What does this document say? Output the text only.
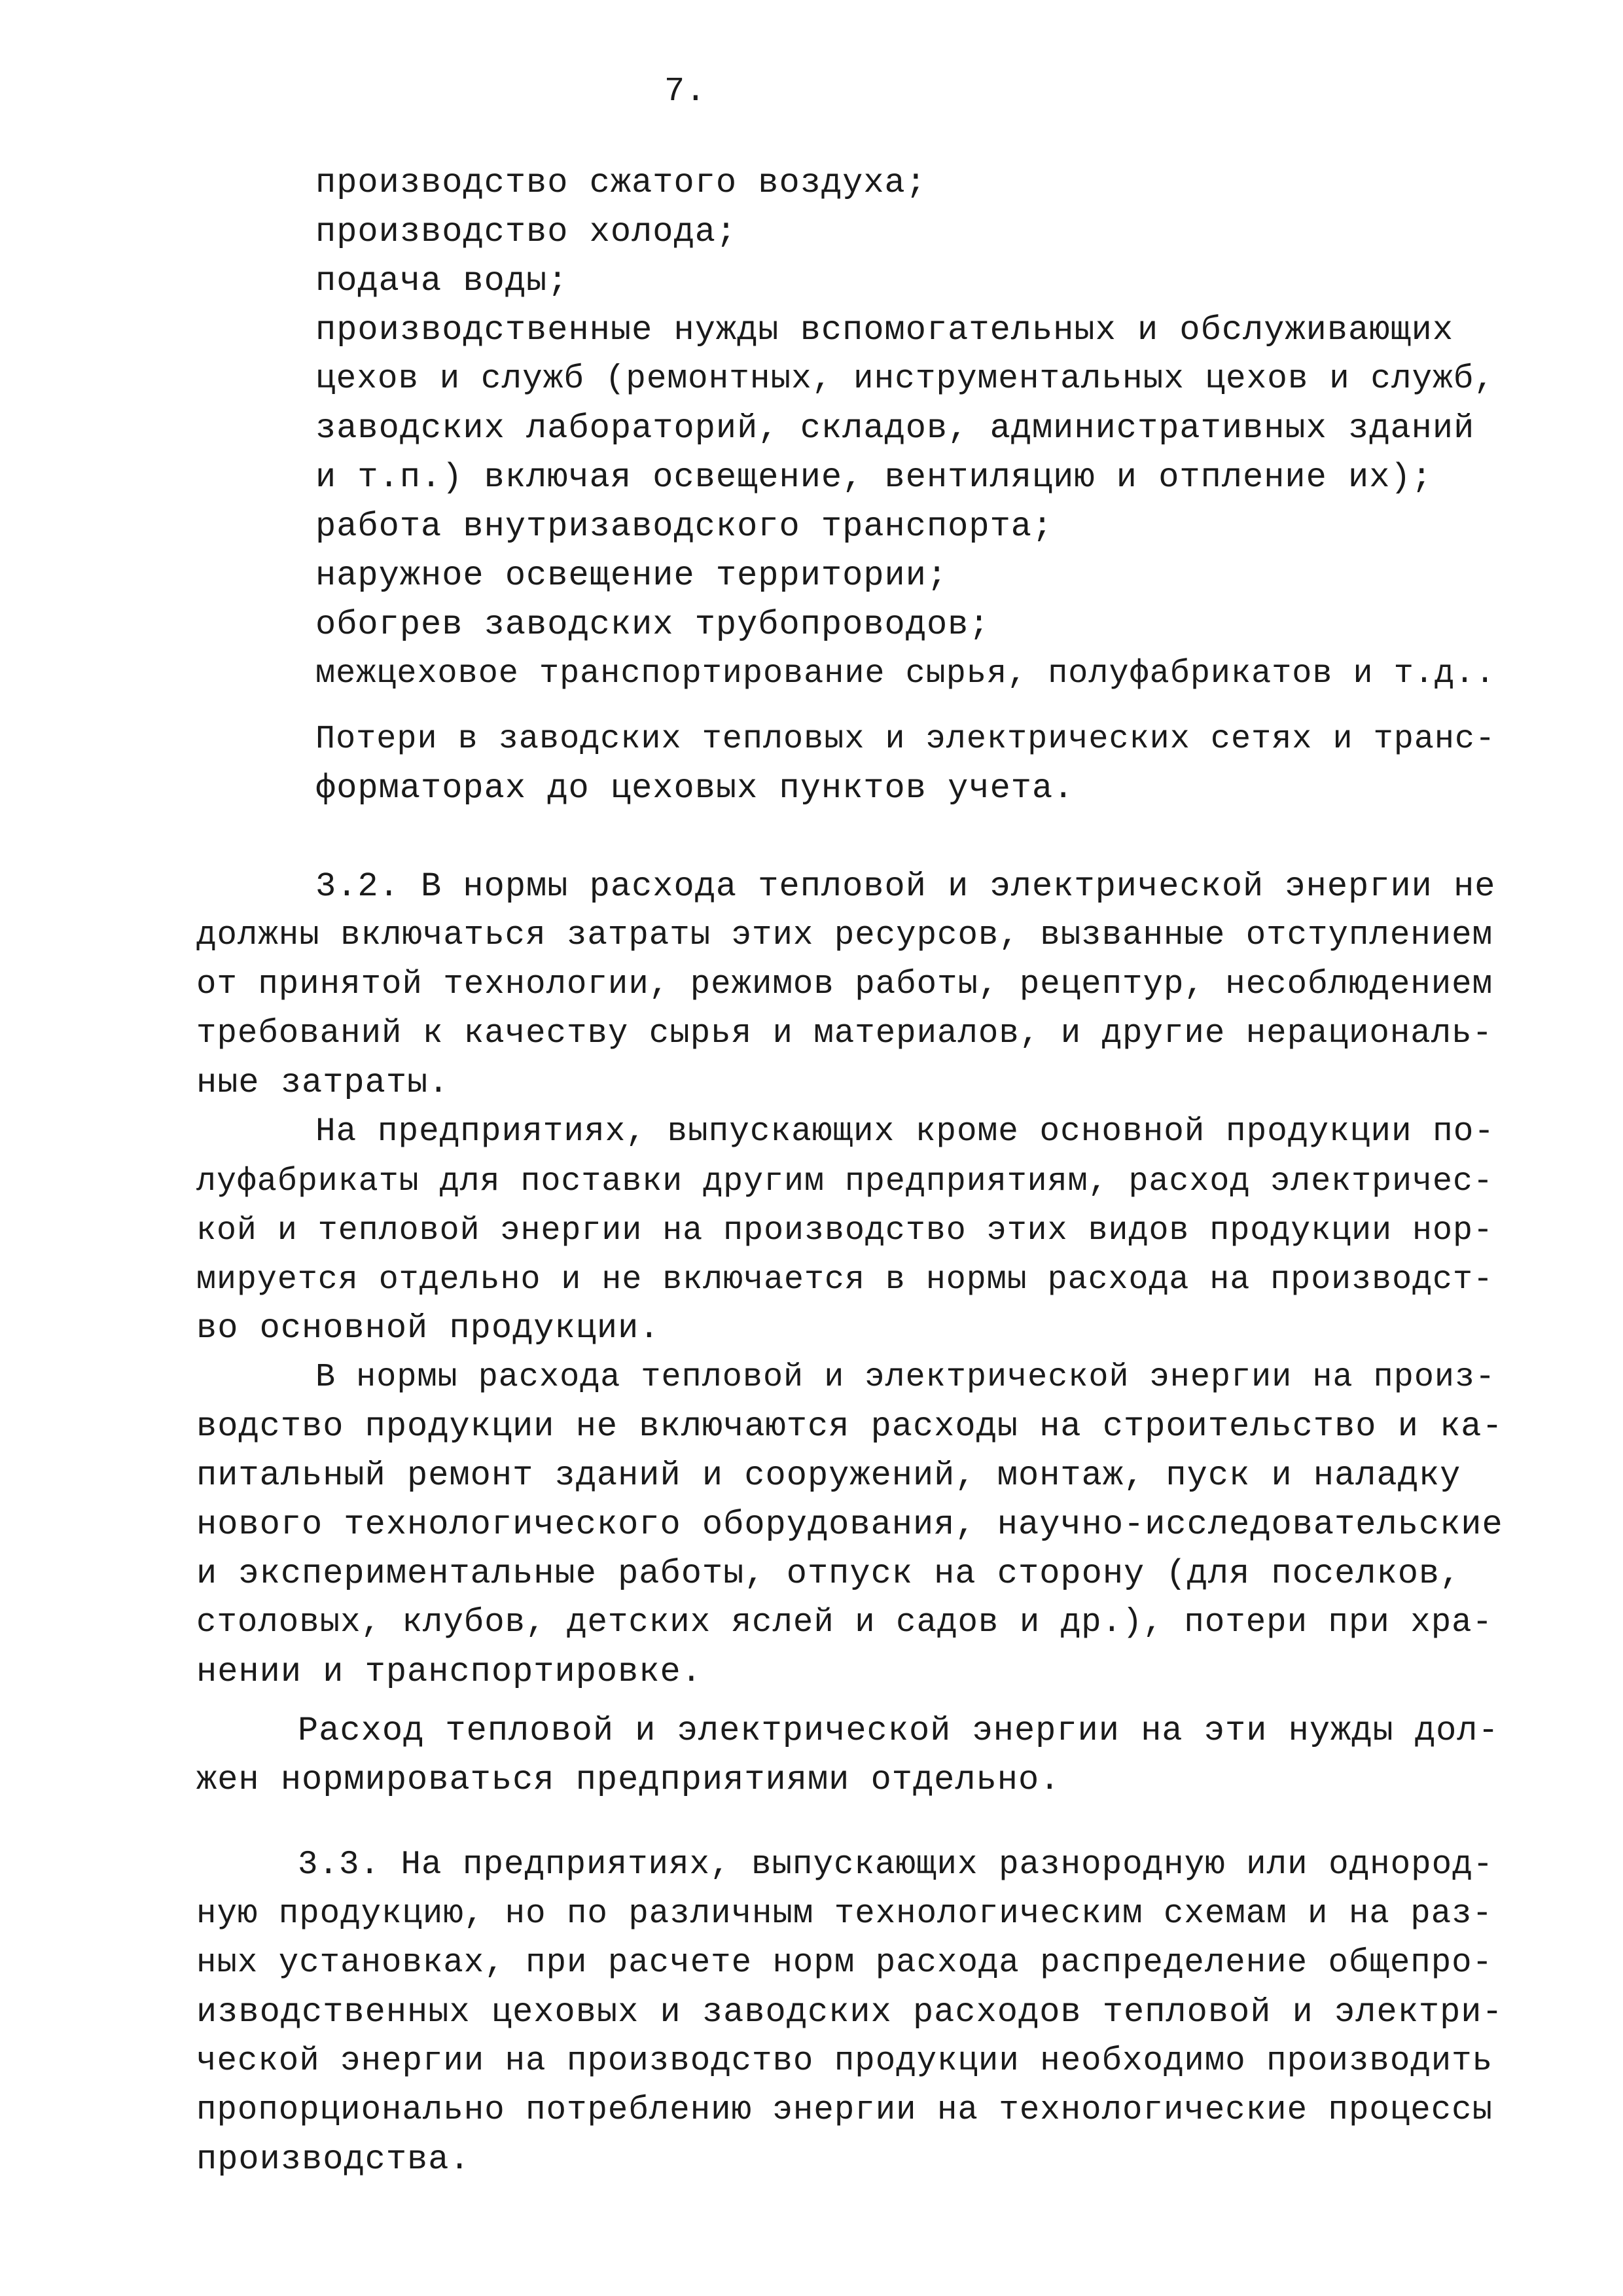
7.
производство сжатого воздуха;
производство холода;
подача воды;
производственные нужды вспомогательных и обслуживающих
цехов и служб (ремонтных, инструментальных цехов и служб,
заводских лабораторий, складов, административных зданий
и т.п.) включая освещение, вентиляцию и отпление их);
работа внутризаводского транспорта;
наружное освещение территории;
обогрев заводских трубопроводов;
межцеховое транспортирование сырья, полуфабрикатов и т.д..
Потери в заводских тепловых и электрических сетях и транс-
форматорах до цеховых пунктов учета.
3.2. В нормы расхода тепловой и электрической энергии не
должны включаться затраты этих ресурсов, вызванные отступлением
от принятой технологии, режимов работы, рецептур, несоблюдением
требований к качеству сырья и материалов, и другие нерациональ-
ные затраты.
На предприятиях, выпускающих кроме основной продукции по-
луфабрикаты для поставки другим предприятиям, расход электричес-
кой и тепловой энергии на производство этих видов продукции нор-
мируется отдельно и не включается в нормы расхода на производст-
во основной продукции.
В нормы расхода тепловой и электрической энергии на произ-
водство продукции не включаются расходы на строительство и ка-
питальный ремонт зданий и сооружений, монтаж, пуск и наладку
нового технологического оборудования, научно-исследовательские
и экспериментальные работы, отпуск на сторону (для поселков,
столовых, клубов, детских яслей и садов и др.), потери при хра-
нении и транспортировке.
Расход тепловой и электрической энергии на эти нужды дол-
жен нормироваться предприятиями отдельно.
3.3. На предприятиях, выпускающих разнородную или однород-
ную продукцию, но по различным технологическим схемам и на раз-
ных установках, при расчете норм расхода распределение общепро-
изводственных цеховых и заводских расходов тепловой и электри-
ческой энергии на производство продукции необходимо производить
пропорционально потреблению энергии на технологические процессы
производства.
